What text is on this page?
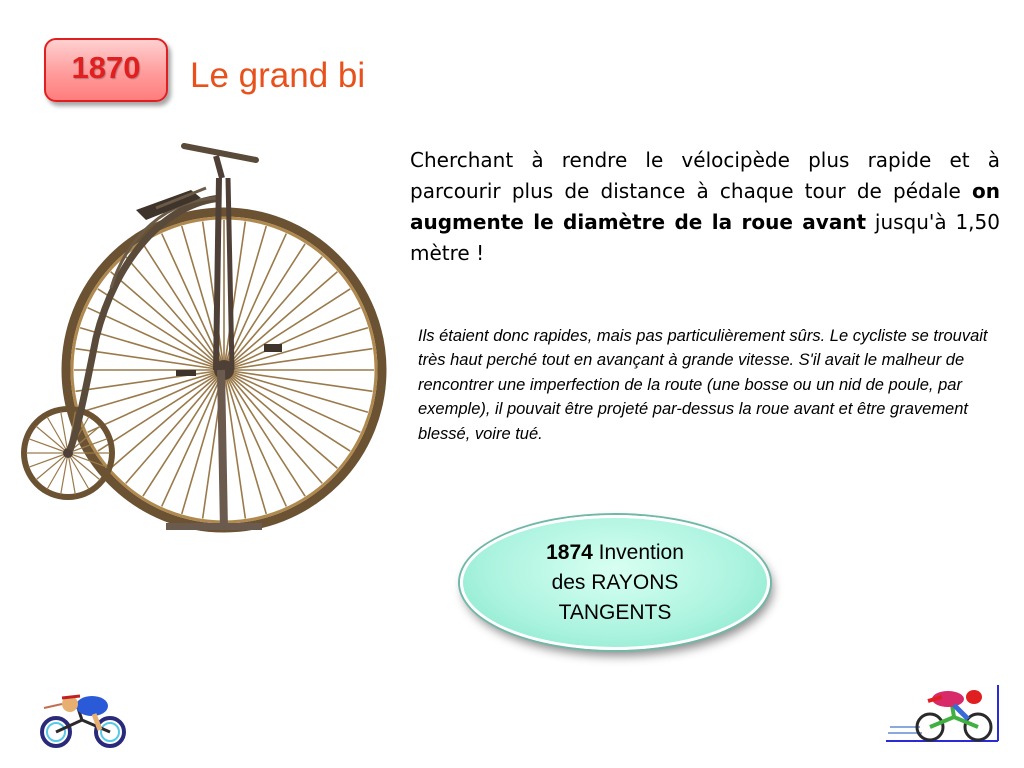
1870 Le grand bi
Cherchant à rendre le vélocipède plus rapide et à parcourir plus de distance à chaque tour de pédale on augmente le diamètre de la roue avant jusqu'à 1,50 mètre !
Ils étaient donc rapides, mais pas particulièrement sûrs. Le cycliste se trouvait très haut perché tout en avançant à grande vitesse. S'il avait le malheur de rencontrer une imperfection de la route (une bosse ou un nid de poule, par exemple), il pouvait être projeté par-dessus la roue avant et être gravement blessé, voire tué.
1874 Invention
des RAYONS
TANGENTS
